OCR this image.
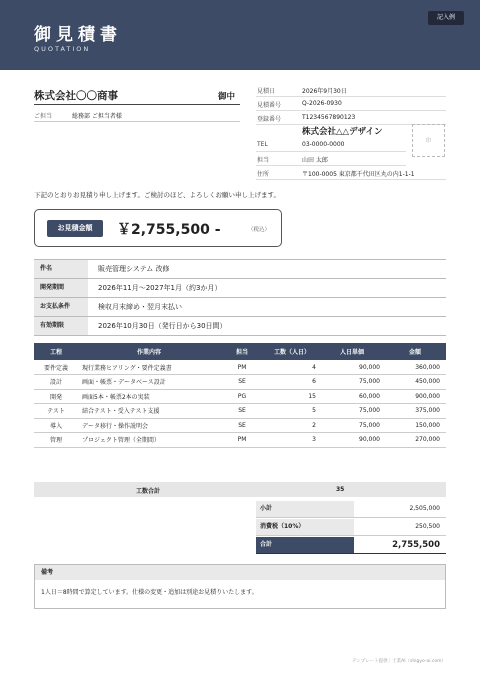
御見積書
QUOTATION
記入例
株式会社〇〇商事	御中
ご担当	総務部 ご担当者様
見積日	2026年9月30日
見積番号	Q-2026-0930
登録番号	T1234567890123
株式会社△△デザイン
印
TEL	03-0000-0000
担当	山田 太郎
住所	〒100-0005 東京都千代田区丸の内1-1-1
下記のとおりお見積り申し上げます。ご検討のほど、よろしくお願い申し上げます。
お見積金額	￥2,755,500 -	（税込）
件名	販売管理システム 改修
開発期間	2026年11月〜2027年1月（約3か月）
お支払条件	検収月末締め・翌月末払い
有効期限	2026年10月30日（発行日から30日間）
工程	作業内容	担当	工数（人日）	人日単価	金額
要件定義	現行業務ヒアリング・要件定義書	PM	4	90,000	360,000
設計	画面・帳票・データベース設計	SE	6	75,000	450,000
開発	画面5本・帳票2本の実装	PG	15	60,000	900,000
テスト	結合テスト・受入テスト支援	SE	5	75,000	375,000
導入	データ移行・操作説明会	SE	2	75,000	150,000
管理	プロジェクト管理（全期間）	PM	3	90,000	270,000
工数合計	35
小計	2,505,000
消費税（10%）	250,500
合計	2,755,500
備考
1人日＝8時間で算定しています。仕様の変更・追加は別途お見積りいたします。
テンプレート提供｜士業AI（shigyo-ai.com）
